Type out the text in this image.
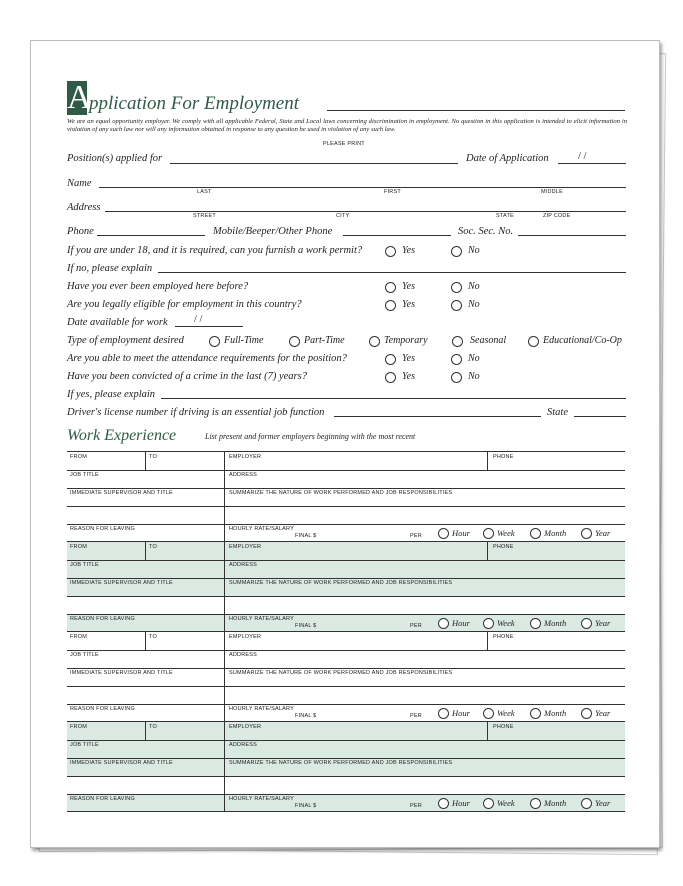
A
pplication For Employment
We are an equal opportunity employer. We comply with all applicable Federal, State and Local laws concerning discrimination in employment. No question in this application is intended to elicit information in violation of any such law nor will any information obtained in response to any question be used in violation of any such law.
PLEASE PRINT
Position(s) applied for	Date of Application	/ /
Name
LAST	FIRST	MIDDLE
Address
STREET	CITY	STATE	ZIP CODE
Phone	Mobile/Beeper/Other Phone	Soc. Sec. No.
If you are under 18, and it is required, can you furnish a work permit?	Yes	No
If no, please explain
Have you ever been employed here before?	Yes	No
Are you legally eligible for employment in this country?	Yes	No
Date available for work	/ /
Type of employment desired	Full-Time	Part-Time	Temporary	Seasonal	Educational/Co-Op
Are you able to meet the attendance requirements for the position?	Yes	No
Have you been convicted of a crime in the last (7) years?	Yes	No
If yes, please explain
Driver's license number if driving is an essential job function	State
Work Experience	List present and former employers beginning with the most recent
FROM	TO	EMPLOYER	PHONE
JOB TITLE	ADDRESS
IMMEDIATE SUPERVISOR AND TITLE	SUMMARIZE THE NATURE OF WORK PERFORMED AND JOB RESPONSIBILITIES
REASON FOR LEAVING	HOURLY RATE/SALARY
FINAL $	PER	Hour	Week	Month	Year
FROM	TO	EMPLOYER	PHONE
JOB TITLE	ADDRESS
IMMEDIATE SUPERVISOR AND TITLE	SUMMARIZE THE NATURE OF WORK PERFORMED AND JOB RESPONSIBILITIES
REASON FOR LEAVING	HOURLY RATE/SALARY
FINAL $	PER	Hour	Week	Month	Year
FROM	TO	EMPLOYER	PHONE
JOB TITLE	ADDRESS
IMMEDIATE SUPERVISOR AND TITLE	SUMMARIZE THE NATURE OF WORK PERFORMED AND JOB RESPONSIBILITIES
REASON FOR LEAVING	HOURLY RATE/SALARY
FINAL $	PER	Hour	Week	Month	Year
FROM	TO	EMPLOYER	PHONE
JOB TITLE	ADDRESS
IMMEDIATE SUPERVISOR AND TITLE	SUMMARIZE THE NATURE OF WORK PERFORMED AND JOB RESPONSIBILITIES
REASON FOR LEAVING	HOURLY RATE/SALARY
FINAL $	PER	Hour	Week	Month	Year
